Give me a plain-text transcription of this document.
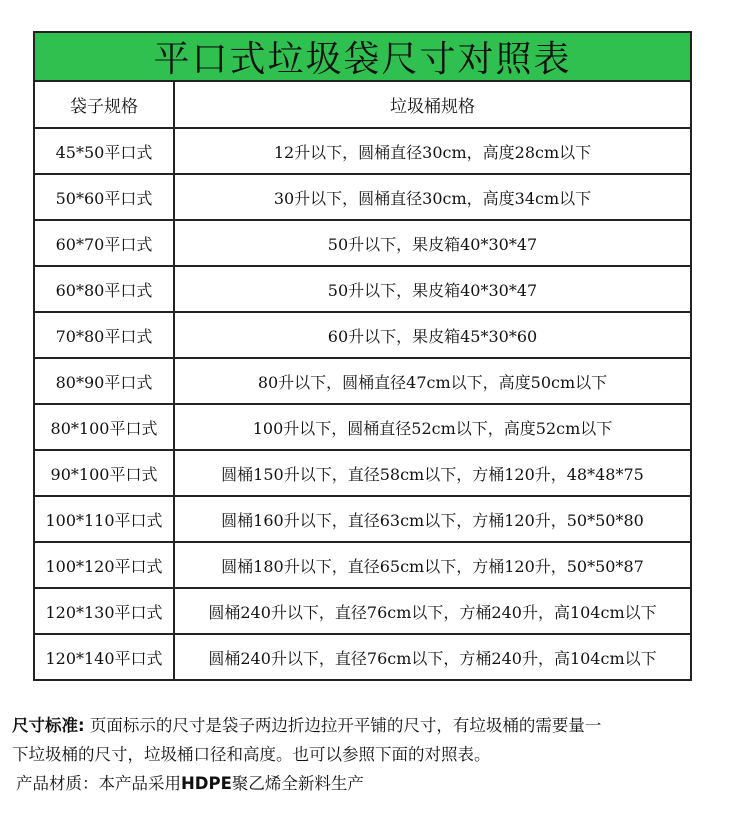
平口式垃圾袋尺寸对照表
袋子规格	垃圾桶规格
45*50平口式	12升以下，圆桶直径30cm，高度28cm以下
50*60平口式	30升以下，圆桶直径30cm，高度34cm以下
60*70平口式	50升以下，果皮箱40*30*47
60*80平口式	50升以下，果皮箱40*30*47
70*80平口式	60升以下，果皮箱45*30*60
80*90平口式	80升以下，圆桶直径47cm以下，高度50cm以下
80*100平口式	100升以下，圆桶直径52cm以下，高度52cm以下
90*100平口式	圆桶150升以下，直径58cm以下，方桶120升，48*48*75
100*110平口式	圆桶160升以下，直径63cm以下，方桶120升，50*50*80
100*120平口式	圆桶180升以下，直径65cm以下，方桶120升，50*50*87
120*130平口式	圆桶240升以下，直径76cm以下，方桶240升，高104cm以下
120*140平口式	圆桶240升以下，直径76cm以下，方桶240升，高104cm以下
尺寸标准: 页面标示的尺寸是袋子两边折边拉开平铺的尺寸，有垃圾桶的需要量一
下垃圾桶的尺寸，垃圾桶口径和高度。也可以参照下面的对照表。
产品材质：本产品采用HDPE聚乙烯全新料生产
